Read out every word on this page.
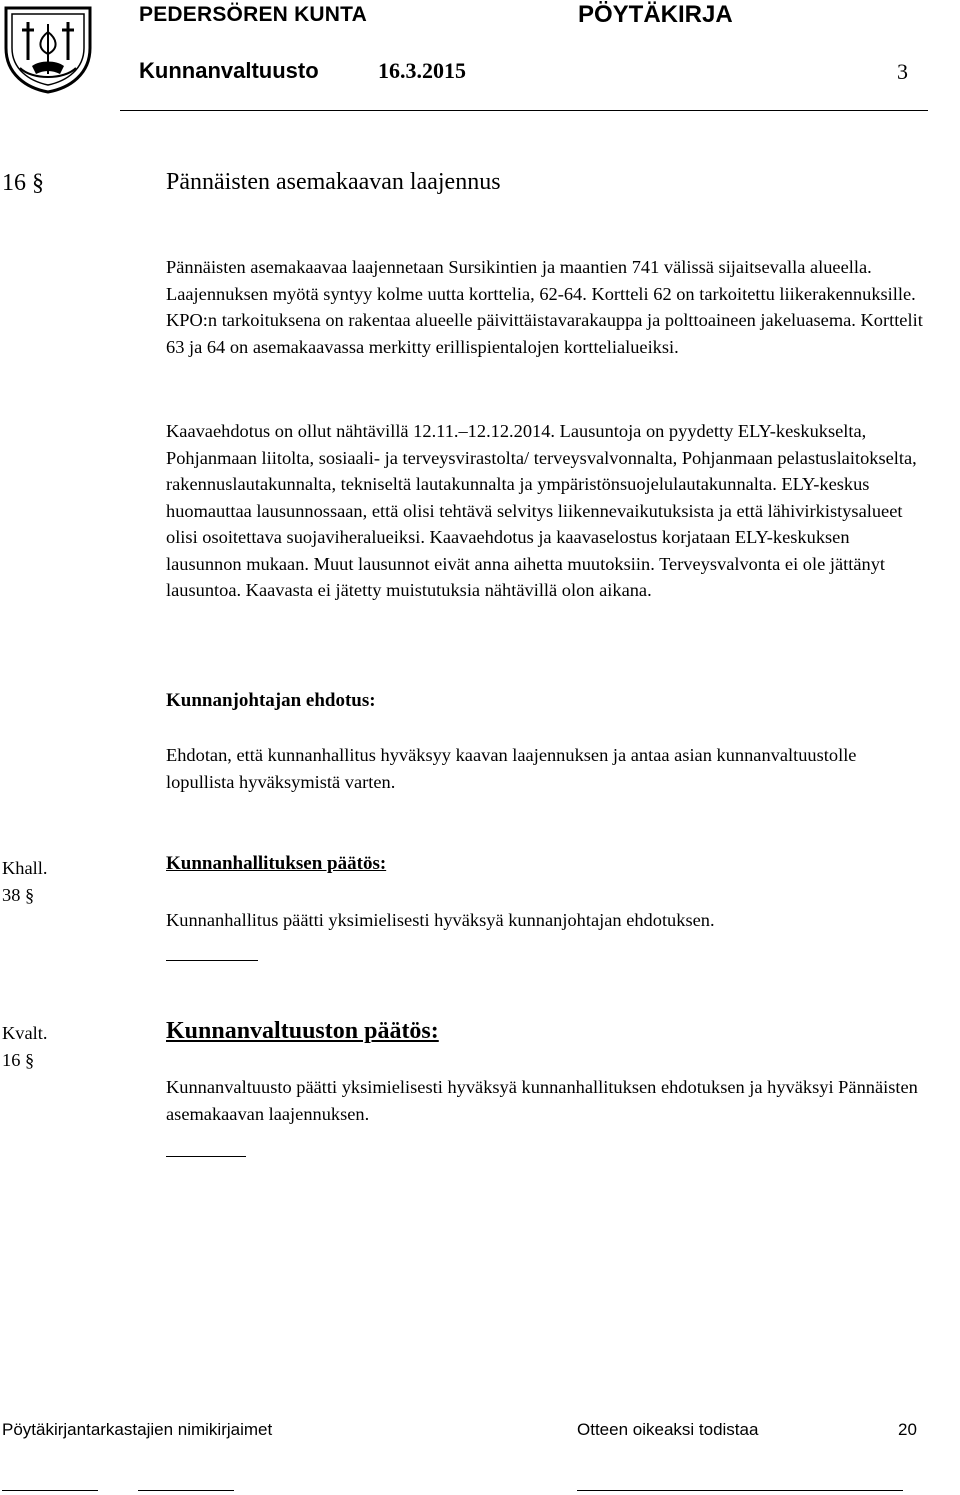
PEDERSÖREN KUNTA	PÖYTÄKIRJA
Kunnanvaltuusto	16.3.2015	3
16 §	Pännäisten asemakaavan laajennus
Pännäisten asemakaavaa laajennetaan Sursikintien ja maantien 741 välissä sijaitsevalla alueella. Laajennuksen myötä syntyy kolme uutta korttelia, 62-64. Kortteli 62 on tarkoitettu liikerakennuksille. KPO:n tarkoituksena on rakentaa alueelle päivittäistavarakauppa ja polttoaineen jakeluasema. Korttelit 63 ja 64 on asemakaavassa merkitty erillispientalojen korttelialueiksi.
Kaavaehdotus on ollut nähtävillä 12.11.–12.12.2014. Lausuntoja on pyydetty ELY-keskukselta, Pohjanmaan liitolta, sosiaali- ja terveysvirastolta/ terveysvalvonnalta, Pohjanmaan pelastuslaitokselta, rakennuslautakunnalta, tekniseltä lautakunnalta ja ympäristönsuojelulautakunnalta. ELY-keskus huomauttaa lausunnossaan, että olisi tehtävä selvitys liikennevaikutuksista ja että lähivirkistysalueet olisi osoitettava suojaviheralueiksi. Kaavaehdotus ja kaavaselostus korjataan ELY-keskuksen lausunnon mukaan. Muut lausunnot eivät anna aihetta muutoksiin. Terveysvalvonta ei ole jättänyt lausuntoa. Kaavasta ei jätetty muistutuksia nähtävillä olon aikana.
Kunnanjohtajan ehdotus:
Ehdotan, että kunnanhallitus hyväksyy kaavan laajennuksen ja antaa asian kunnanvaltuustolle lopullista hyväksymistä varten.
Khall.
38 §
Kunnanhallituksen päätös:
Kunnanhallitus päätti yksimielisesti hyväksyä kunnanjohtajan ehdotuksen.
Kvalt.
16 §
Kunnanvaltuuston päätös:
Kunnanvaltuusto päätti yksimielisesti hyväksyä kunnanhallituksen ehdotuksen ja hyväksyi Pännäisten asemakaavan laajennuksen.
Pöytäkirjantarkastajien nimikirjaimet	Otteen oikeaksi todistaa	20
